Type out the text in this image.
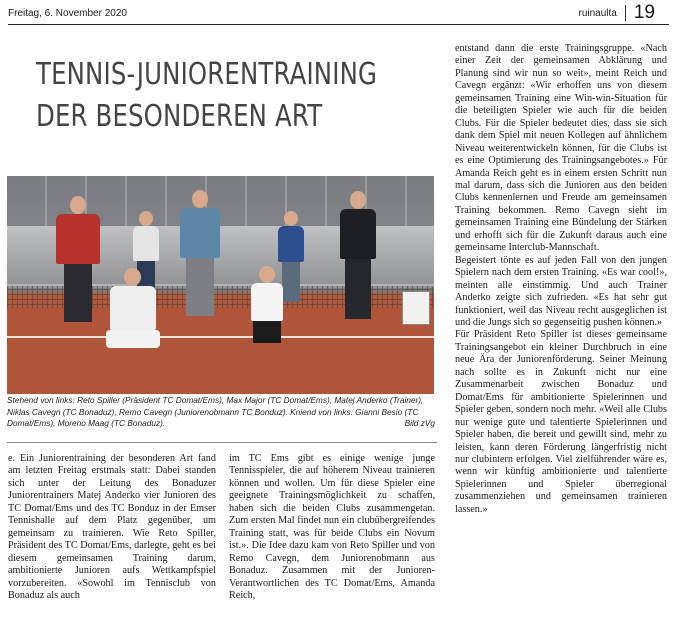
Freitag, 6. November 2020	ruinaulta 19
TENNIS-JUNIORENTRAINING
DER BESONDEREN ART
Stehend von links: Reto Spiller (Präsident TC Domat/Ems), Max Major (TC Domat/Ems), Matej Anderko (Trainer), Niklas Cavegn (TC Bonaduz), Remo Cavegn (Juniorenobmann TC Bonduz). Kniend von links: Gianni Besio (TC Domat/Ems), Moreno Maag (TC Bonaduz).	Bild zVg

e. Ein Juniorentraining der besonderen Art fand am letzten Freitag erstmals statt: Dabei standen sich unter der Leitung des Bonaduzer Juniorentrainers Matej Anderko vier Junioren des TC Domat/Ems und des TC Bonduz in der Emser Tennishalle auf dem Platz gegenüber, um gemeinsam zu trainieren. Wie Reto Spiller, Präsident des TC Domat/Ems, darlegte, geht es bei diesem gemeinsamen Training darum, ambitionierte Junioren aufs Wettkampfspiel vorzubereiten. «Sowohl im Tennisclub von Bonaduz als auch

im TC Ems gibt es einige wenige junge Tennisspieler, die auf höherem Niveau trainieren können und wollen. Um für diese Spieler eine geeignete Trainingsmöglichkeit zu schaffen, haben sich die beiden Clubs zusammengetan. Zum ersten Mal findet nun ein clubübergreifendes Training statt, was für beide Clubs ein Novum ist.». Die Idee dazu kam von Reto Spiller und von Remo Cavegn, dem Juniorenobmann aus Bonaduz. Zusammen mit der Junioren-Verantwortlichen des TC Domat/Ems, Amanda Reich,

entstand dann die erste Trainingsgruppe. «Nach einer Zeit der gemeinsamen Abklärung und Planung sind wir nun so weit», meint Reich und Cavegn ergänzt: «Wir erhoffen uns von diesem gemeinsamen Training eine Win-win-Situation für die beteiligten Spieler wie auch für die beiden Clubs. Für die Spieler bedeutet dies, dass sie sich dank dem Spiel mit neuen Kollegen auf ähnlichem Niveau weiterentwickeln können, für die Clubs ist es eine Optimierung des Trainingsangebotes.» Für Amanda Reich geht es in einem ersten Schritt nun mal darum, dass sich die Junioren aus den beiden Clubs kennenlernen und Freude am gemeinsamen Training bekommen. Remo Cavegn sieht im gemeinsamen Training eine Bündelung der Stärken und erhofft sich für die Zukunft daraus auch eine gemeinsame Interclub-Mannschaft.

Begeistert tönte es auf jeden Fall von den jungen Spielern nach dem ersten Training. «Es war cool!», meinten alle einstimmig. Und auch Trainer Anderko zeigte sich zufrieden. «Es hat sehr gut funktioniert, weil das Niveau recht ausgeglichen ist und die Jungs sich so gegenseitig pushen können.»

Für Präsident Reto Spiller ist dieses gemeinsame Trainingsangebot ein kleiner Durchbruch in eine neue Ära der Juniorenförderung. Seiner Meinung nach sollte es in Zukunft nicht nur eine Zusammenarbeit zwischen Bonaduz und Domat/Ems für ambitionierte Spielerinnen und Spieler geben, sondern noch mehr. «Weil alle Clubs nur wenige gute und talentierte Spielerinnen und Spieler haben, die bereit und gewillt sind, mehr zu leisten, kann deren Förderung längerfristig nicht nur clubintern erfolgen. Viel zielführender wäre es, wenn wir künftig ambitionierte und talentierte Spielerinnen und Spieler überregional zusammenziehen und gemeinsamen trainieren lassen.»
